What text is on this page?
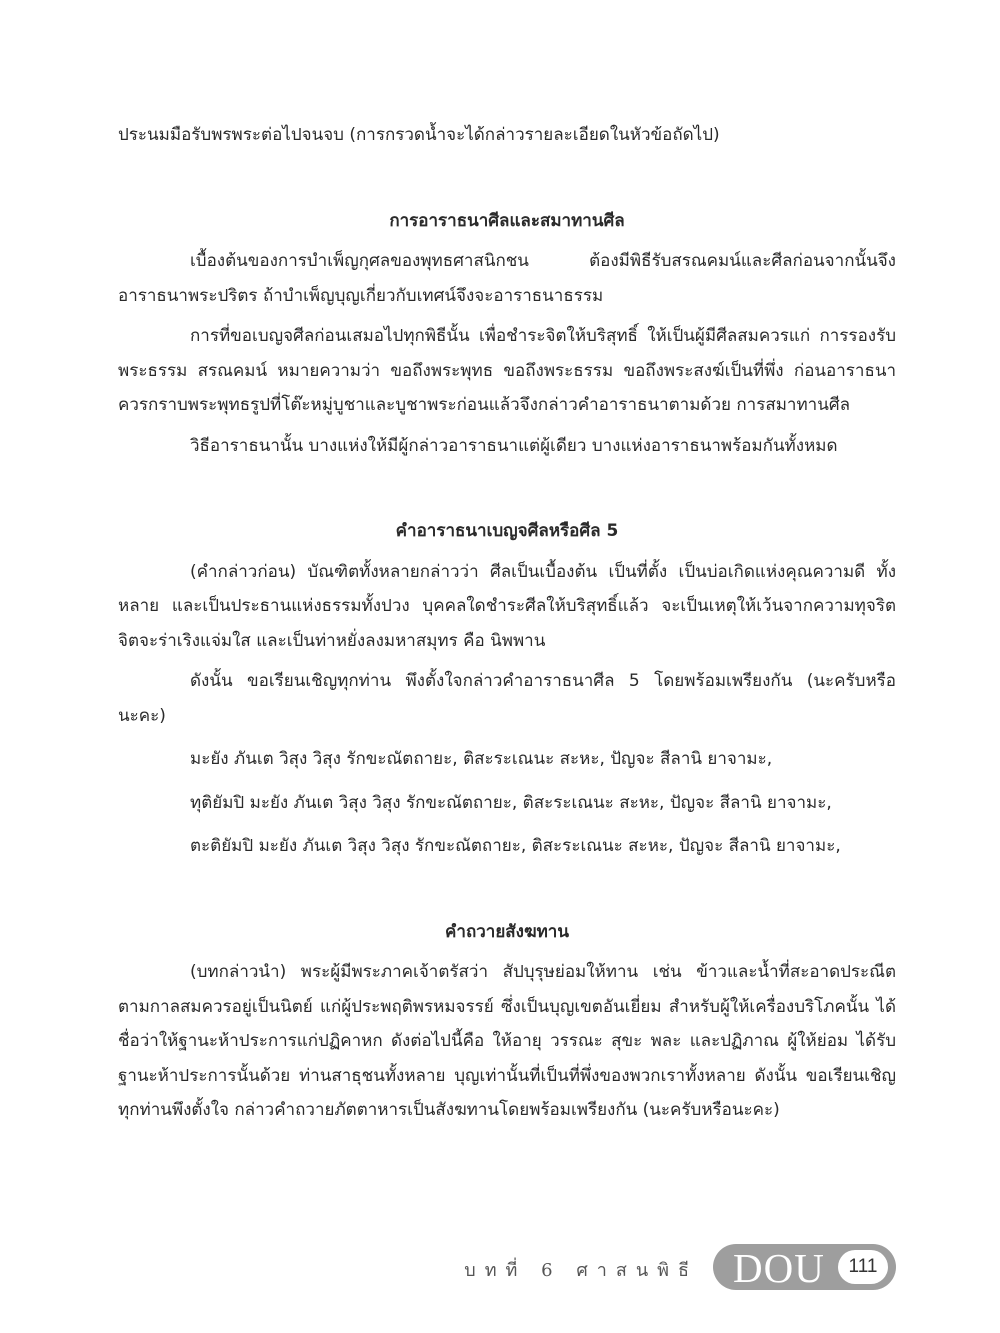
ประนมมือรับพรพระต่อไปจนจบ (การกรวดน้ำจะได้กล่าวรายละเอียดในหัวข้อถัดไป)

การอาราธนาศีลและสมาทานศีล

เบื้องต้นของการบำเพ็ญกุศลของพุทธศาสนิกชน ต้องมีพิธีรับสรณคมน์และศีลก่อนจากนั้นจึง อาราธนาพระปริตร ถ้าบำเพ็ญบุญเกี่ยวกับเทศน์จึงจะอาราธนาธรรม

การที่ขอเบญจศีลก่อนเสมอไปทุกพิธีนั้น เพื่อชำระจิตให้บริสุทธิ์ ให้เป็นผู้มีศีลสมควรแก่ การรองรับพระธรรม สรณคมน์ หมายความว่า ขอถึงพระพุทธ ขอถึงพระธรรม ขอถึงพระสงฆ์เป็นที่พึ่ง ก่อนอาราธนาควรกราบพระพุทธรูปที่โต๊ะหมู่บูชาและบูชาพระก่อนแล้วจึงกล่าวคำอาราธนาตามด้วย การสมาทานศีล

วิธีอาราธนานั้น บางแห่งให้มีผู้กล่าวอาราธนาแต่ผู้เดียว บางแห่งอาราธนาพร้อมกันทั้งหมด

คำอาราธนาเบญจศีลหรือศีล 5

(คำกล่าวก่อน) บัณฑิตทั้งหลายกล่าวว่า ศีลเป็นเบื้องต้น เป็นที่ตั้ง เป็นบ่อเกิดแห่งคุณความดี ทั้งหลาย และเป็นประธานแห่งธรรมทั้งปวง บุคคลใดชำระศีลให้บริสุทธิ์แล้ว จะเป็นเหตุให้เว้นจากความทุจริต จิตจะร่าเริงแจ่มใส และเป็นท่าหยั่งลงมหาสมุทร คือ นิพพาน

ดังนั้น ขอเรียนเชิญทุกท่าน พึงตั้งใจกล่าวคำอาราธนาศีล 5 โดยพร้อมเพรียงกัน (นะครับหรือ นะคะ)

มะยัง ภันเต วิสุง วิสุง รักขะณัตถายะ, ติสะระเณนะ สะหะ, ปัญจะ สีลานิ ยาจามะ,

ทุติยัมปิ มะยัง ภันเต วิสุง วิสุง รักขะณัตถายะ, ติสะระเณนะ สะหะ, ปัญจะ สีลานิ ยาจามะ,

ตะติยัมปิ มะยัง ภันเต วิสุง วิสุง รักขะณัตถายะ, ติสะระเณนะ สะหะ, ปัญจะ สีลานิ ยาจามะ,

คำถวายสังฆทาน

(บทกล่าวนำ) พระผู้มีพระภาคเจ้าตรัสว่า สัปบุรุษย่อมให้ทาน เช่น ข้าวและน้ำที่สะอาดประณีต ตามกาลสมควรอยู่เป็นนิตย์ แก่ผู้ประพฤติพรหมจรรย์ ซึ่งเป็นบุญเขตอันเยี่ยม สำหรับผู้ให้เครื่องบริโภคนั้น ได้ชื่อว่าให้ฐานะห้าประการแก่ปฏิคาหก ดังต่อไปนี้คือ ให้อายุ วรรณะ สุขะ พละ และปฏิภาณ ผู้ให้ย่อม ได้รับฐานะห้าประการนั้นด้วย ท่านสาธุชนทั้งหลาย บุญเท่านั้นที่เป็นที่พึ่งของพวกเราทั้งหลาย ดังนั้น ขอเรียนเชิญทุกท่านพึงตั้งใจ กล่าวคำถวายภัตตาหารเป็นสังฆทานโดยพร้อมเพรียงกัน (นะครับหรือนะคะ)

บทที่ 6 ศาสนพิธี DOU	111
